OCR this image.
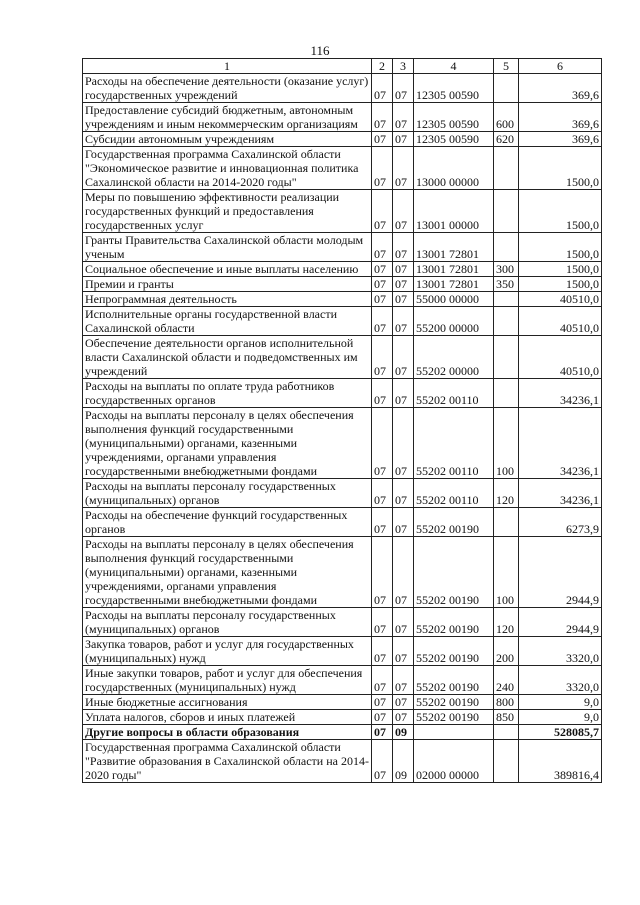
116
1	2	3	4	5	6
Расходы на обеспечение деятельности (оказание услуг) государственных учреждений	07	07	12305 00590		369,6
Предоставление субсидий бюджетным, автономным учреждениям и иным некоммерческим организациям	07	07	12305 00590	600	369,6
Субсидии автономным учреждениям	07	07	12305 00590	620	369,6
Государственная программа Сахалинской области "Экономическое развитие и инновационная политика Сахалинской области на 2014-2020 годы"	07	07	13000 00000		1500,0
Меры по повышению эффективности реализации государственных функций и предоставления государственных услуг	07	07	13001 00000		1500,0
Гранты Правительства Сахалинской области молодым ученым	07	07	13001 72801		1500,0
Социальное обеспечение и иные выплаты населению	07	07	13001 72801	300	1500,0
Премии и гранты	07	07	13001 72801	350	1500,0
Непрограммная деятельность	07	07	55000 00000		40510,0
Исполнительные органы государственной власти Сахалинской области	07	07	55200 00000		40510,0
Обеспечение деятельности органов исполнительной власти Сахалинской области и подведомственных им учреждений	07	07	55202 00000		40510,0
Расходы на выплаты по оплате труда работников государственных органов	07	07	55202 00110		34236,1
Расходы на выплаты персоналу в целях обеспечения выполнения функций государственными (муниципальными) органами, казенными учреждениями, органами управления государственными внебюджетными фондами	07	07	55202 00110	100	34236,1
Расходы на выплаты персоналу государственных (муниципальных) органов	07	07	55202 00110	120	34236,1
Расходы на обеспечение функций государственных органов	07	07	55202 00190		6273,9
Расходы на выплаты персоналу в целях обеспечения выполнения функций государственными (муниципальными) органами, казенными учреждениями, органами управления государственными внебюджетными фондами	07	07	55202 00190	100	2944,9
Расходы на выплаты персоналу государственных (муниципальных) органов	07	07	55202 00190	120	2944,9
Закупка товаров, работ и услуг для государственных (муниципальных) нужд	07	07	55202 00190	200	3320,0
Иные закупки товаров, работ и услуг для обеспечения государственных (муниципальных) нужд	07	07	55202 00190	240	3320,0
Иные бюджетные ассигнования	07	07	55202 00190	800	9,0
Уплата налогов, сборов и иных платежей	07	07	55202 00190	850	9,0
Другие вопросы в области образования	07	09			528085,7
Государственная программа Сахалинской области "Развитие образования в Сахалинской области на 2014-2020 годы"	07	09	02000 00000		389816,4
